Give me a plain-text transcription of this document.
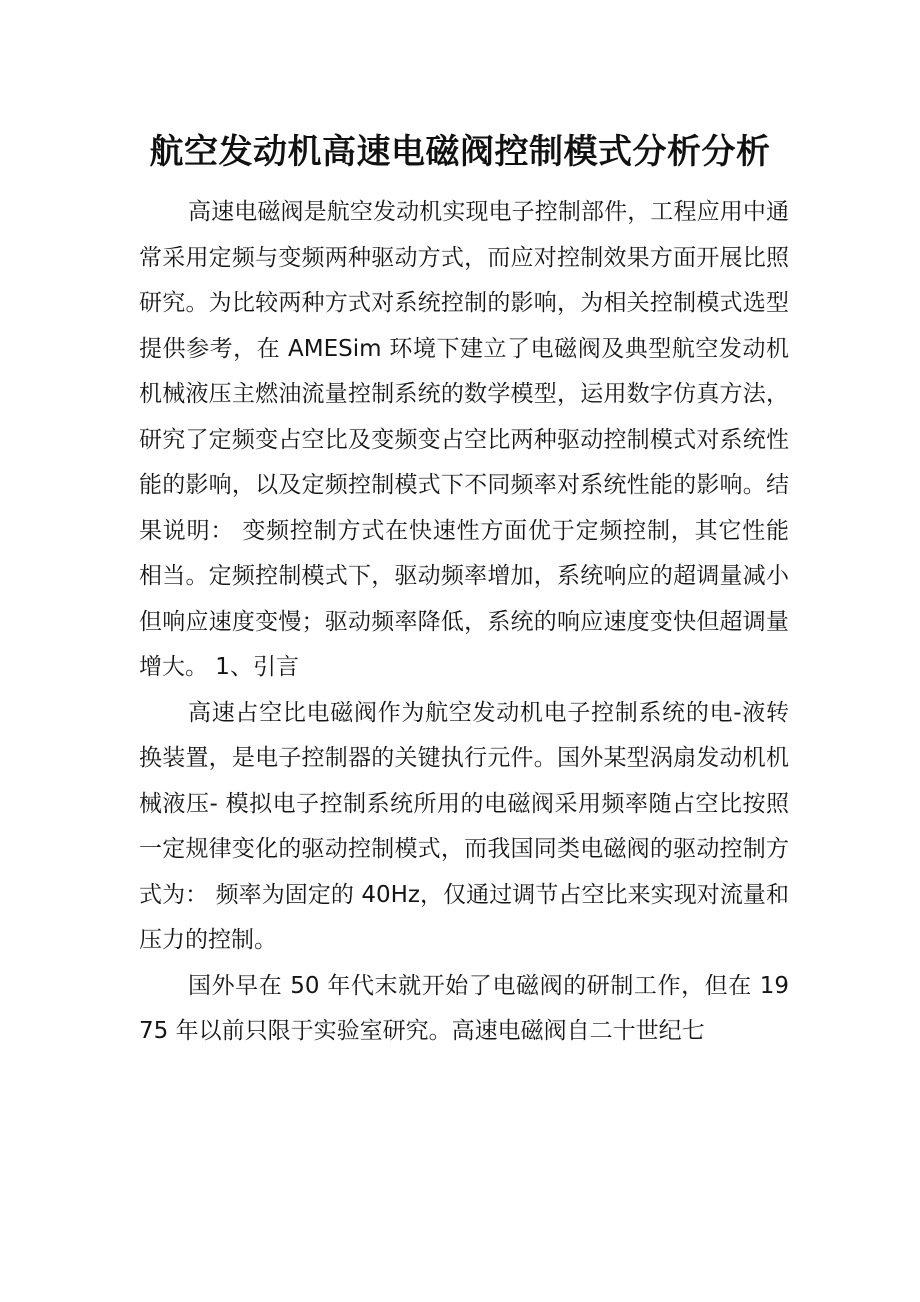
航空发动机高速电磁阀控制模式分析分析

高速电磁阀是航空发动机实现电子控制部件，工程应用中通常采用定频与变频两种驱动方式，而应对控制效果方面开展比照研究。为比较两种方式对系统控制的影响，为相关控制模式选型提供参考，在 AMESim 环境下建立了电磁阀及典型航空发动机机械液压主燃油流量控制系统的数学模型，运用数字仿真方法，研究了定频变占空比及变频变占空比两种驱动控制模式对系统性能的影响，以及定频控制模式下不同频率对系统性能的影响。结果说明： 变频控制方式在快速性方面优于定频控制，其它性能相当。定频控制模式下，驱动频率增加，系统响应的超调量减小但响应速度变慢；驱动频率降低，系统的响应速度变快但超调量增大。 1、引言

高速占空比电磁阀作为航空发动机电子控制系统的电-液转换装置，是电子控制器的关键执行元件。国外某型涡扇发动机机械液压- 模拟电子控制系统所用的电磁阀采用频率随占空比按照一定规律变化的驱动控制模式，而我国同类电磁阀的驱动控制方式为： 频率为固定的 40Hz，仅通过调节占空比来实现对流量和压力的控制。

国外早在 50 年代末就开始了电磁阀的研制工作，但在 1975 年以前只限于实验室研究。高速电磁阀自二十世纪七
